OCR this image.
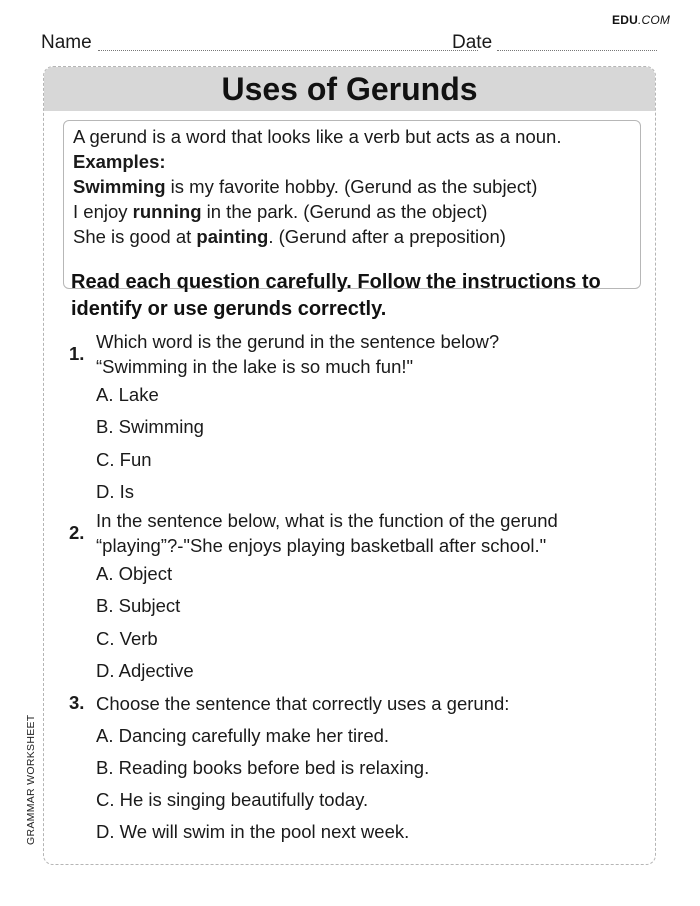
EDU.COM
Name	Date
GRAMMAR WORKSHEET
Uses of Gerunds
A gerund is a word that looks like a verb but acts as a noun.
Examples:
Swimming is my favorite hobby. (Gerund as the subject)
I enjoy running in the park. (Gerund as the object)
She is good at painting. (Gerund after a preposition)
Read each question carefully. Follow the instructions to identify or use gerunds correctly.
1.
Which word is the gerund in the sentence below?
“Swimming in the lake is so much fun!"
A. Lake
B. Swimming
C. Fun
D. Is
2.
In the sentence below, what is the function of the gerund
“playing”?-"She enjoys playing basketball after school."
A. Object
B. Subject
C. Verb
D. Adjective
3. Choose the sentence that correctly uses a gerund:
A. Dancing carefully make her tired.
B. Reading books before bed is relaxing.
C. He is singing beautifully today.
D. We will swim in the pool next week.
